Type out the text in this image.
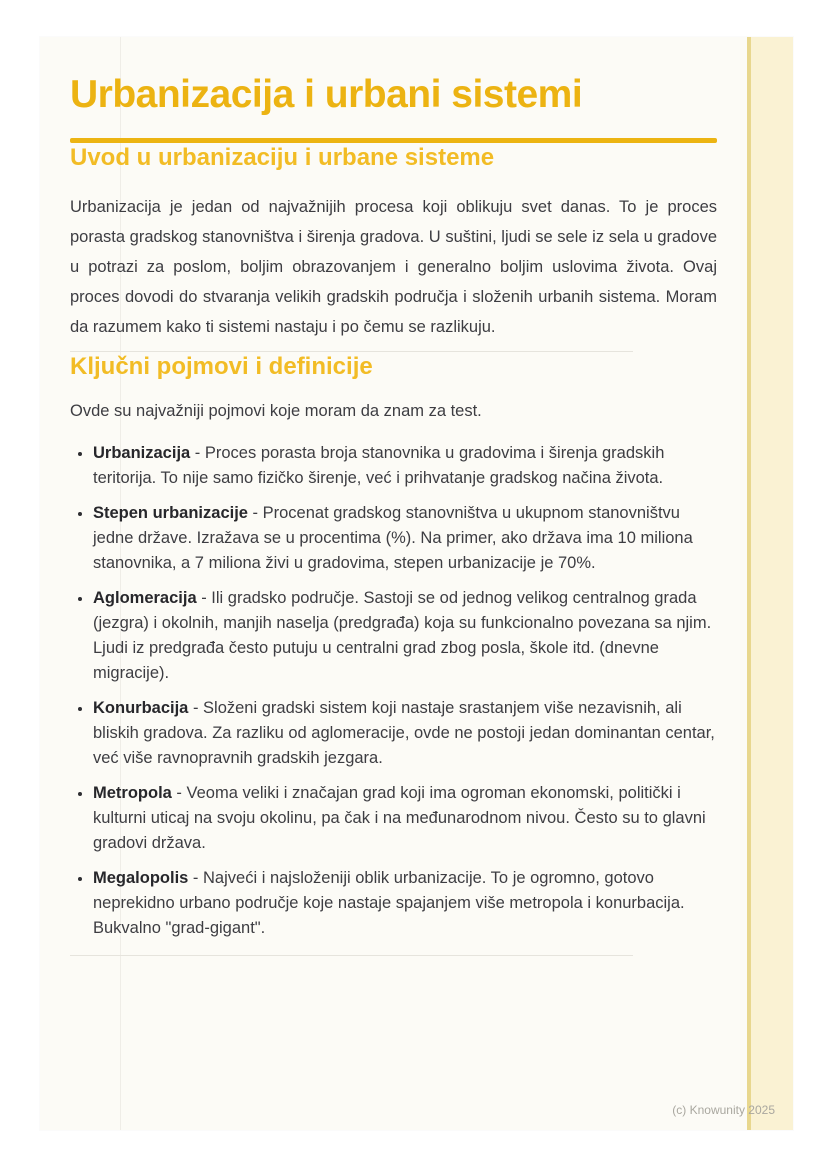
Urbanizacija i urbani sistemi
Uvod u urbanizaciju i urbane sisteme

Urbanizacija je jedan od najvažnijih procesa koji oblikuju svet danas. To je proces porasta gradskog stanovništva i širenja gradova. U suštini, ljudi se sele iz sela u gradove u potrazi za poslom, boljim obrazovanjem i generalno boljim uslovima života. Ovaj proces dovodi do stvaranja velikih gradskih područja i složenih urbanih sistema. Moram da razumem kako ti sistemi nastaju i po čemu se razlikuju.

Ključni pojmovi i definicije

Ovde su najvažniji pojmovi koje moram da znam za test.

• Urbanizacija - Proces porasta broja stanovnika u gradovima i širenja gradskih teritorija. To nije samo fizičko širenje, već i prihvatanje gradskog načina života.
• Stepen urbanizacije - Procenat gradskog stanovništva u ukupnom stanovništvu jedne države. Izražava se u procentima (%). Na primer, ako država ima 10 miliona stanovnika, a 7 miliona živi u gradovima, stepen urbanizacije je 70%.
• Aglomeracija - Ili gradsko područje. Sastoji se od jednog velikog centralnog grada (jezgra) i okolnih, manjih naselja (predgrađa) koja su funkcionalno povezana sa njim. Ljudi iz predgrađa često putuju u centralni grad zbog posla, škole itd. (dnevne migracije).
• Konurbacija - Složeni gradski sistem koji nastaje srastanjem više nezavisnih, ali bliskih gradova. Za razliku od aglomeracije, ovde ne postoji jedan dominantan centar, već više ravnopravnih gradskih jezgara.
• Metropola - Veoma veliki i značajan grad koji ima ogroman ekonomski, politički i kulturni uticaj na svoju okolinu, pa čak i na međunarodnom nivou. Često su to glavni gradovi država.
• Megalopolis - Najveći i najsloženiji oblik urbanizacije. To je ogromno, gotovo neprekidno urbano područje koje nastaje spajanjem više metropola i konurbacija. Bukvalno "grad-gigant".
(c) Knowunity 2025
